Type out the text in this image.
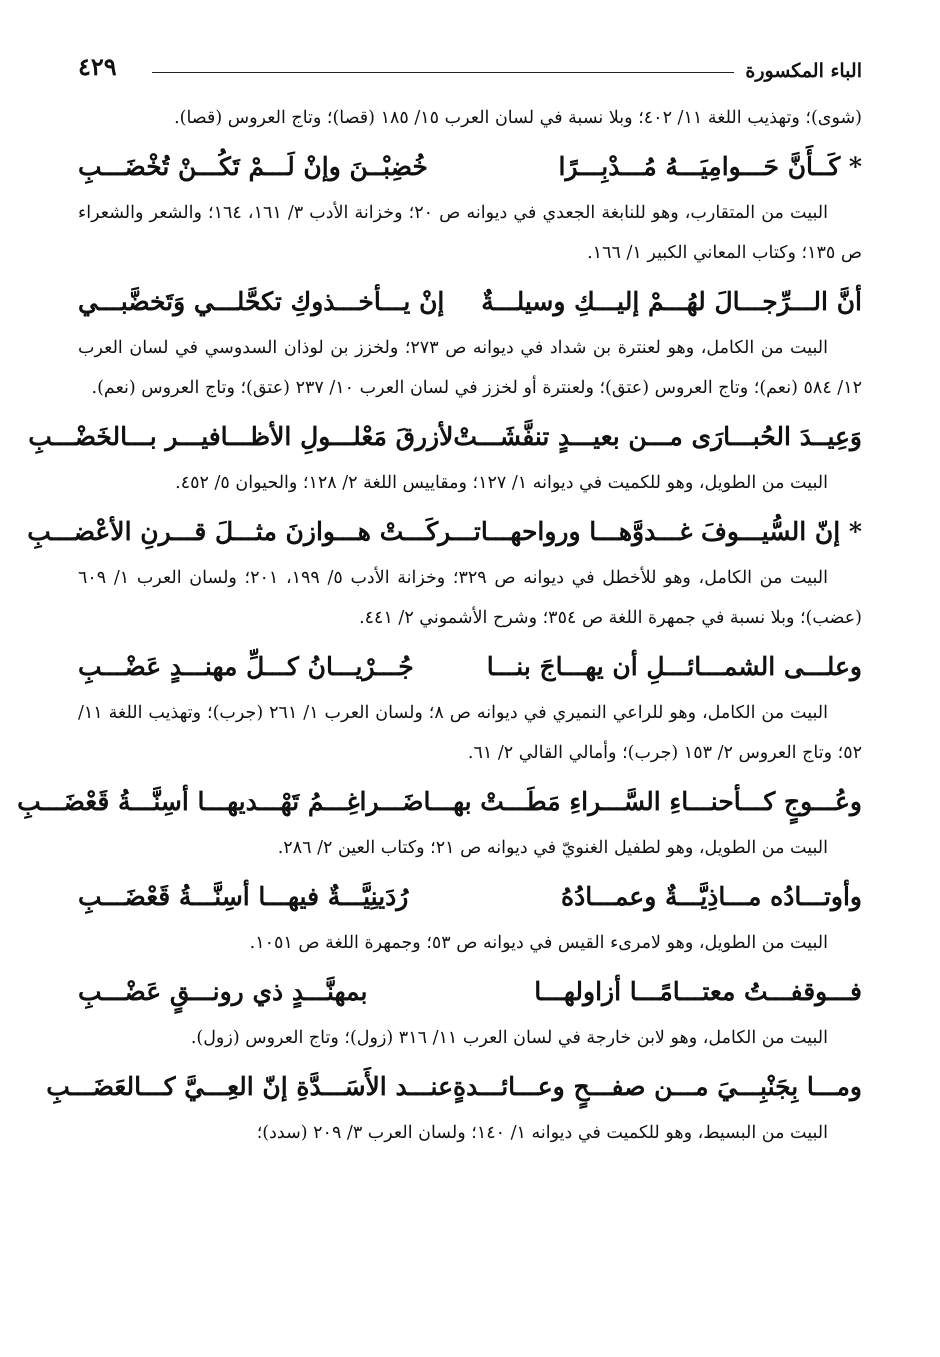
الباء المكسورة
٤٢٩

(شوى)؛ وتهذيب اللغة ١١/ ٤٠٢؛ وبلا نسبة في لسان العرب ١٥/ ١٨٥ (قصا)؛ وتاج العروس (قصا).

* كَــأَنَّ حَـــوامِيَـــهُ مُـــدْبِـــرًا
خُضِبْــنَ وإنْ لَـــمْ تَكُـــنْ تُخْضَـــبِ

البيت من المتقارب، وهو للنابغة الجعدي في ديوانه ص ٢٠؛ وخزانة الأدب ٣/ ١٦١، ١٦٤؛ والشعر والشعراء ص ١٣٥؛ وكتاب المعاني الكبير ١/ ١٦٦.

أنَّ الـــرِّجـــالَ لهُـــمْ إليـــكِ وسيلـــةٌ
إنْ يـــأخـــذوكِ تكحَّلـــي وَتَخضَّبـــي

البيت من الكامل، وهو لعنترة بن شداد في ديوانه ص ٢٧٣؛ ولخزز بن لوذان السدوسي في لسان العرب ١٢/ ٥٨٤ (نعم)؛ وتاج العروس (عتق)؛ ولعنترة أو لخزز في لسان العرب ١٠/ ٢٣٧ (عتق)؛ وتاج العروس (نعم).

وَعِيــدَ الحُبـــارَى مـــن بعيـــدٍ تنفَّشَـــتْ
لأزرقَ مَعْلـــولِ الأظـــافيـــر بـــالخَضْـــبِ

البيت من الطويل، وهو للكميت في ديوانه ١/ ١٢٧؛ ومقاييس اللغة ٢/ ١٢٨؛ والحيوان ٥/ ٤٥٢.

* إنّ السُّيـــوفَ غـــدوَّهـــا ورواحهـــا
تـــركَـــتْ هـــوازنَ مثـــلَ قـــرنِ الأعْضـــبِ

البيت من الكامل، وهو للأخطل في ديوانه ص ٣٢٩؛ وخزانة الأدب ٥/ ١٩٩، ٢٠١؛ ولسان العرب ١/ ٦٠٩ (عضب)؛ وبلا نسبة في جمهرة اللغة ص ٣٥٤؛ وشرح الأشموني ٢/ ٤٤١.

وعلـــى الشمـــائـــلِ أن يهـــاجَ بنـــا
جُـــرْيـــانُ كـــلِّ مهنـــدٍ عَضْـــبِ

البيت من الكامل، وهو للراعي النميري في ديوانه ص ٨؛ ولسان العرب ١/ ٢٦١ (جرب)؛ وتهذيب اللغة ١١/ ٥٢؛ وتاج العروس ٢/ ١٥٣ (جرب)؛ وأمالي القالي ٢/ ٦١.

وعُـــوجٍ كـــأحنـــاءِ السَّـــراءِ مَطَـــتْ بهـــا
ضَـــراغِـــمُ تَهْـــديهـــا أسِنَّـــةُ قَعْضَـــبِ

البيت من الطويل، وهو لطفيل الغنويّ في ديوانه ص ٢١؛ وكتاب العين ٢/ ٢٨٦.

وأوتـــادُه مـــاذِيَّـــةٌ وعمـــادُهُ
رُدَينِيَّـــةٌ فيهـــا أسِنَّـــةُ قَعْضَـــبِ

البيت من الطويل، وهو لامرىء القيس في ديوانه ص ٥٣؛ وجمهرة اللغة ص ١٠٥١.

فـــوقفـــتُ معتـــامًـــا أزاولهـــا
بمهنَّـــدٍ ذي رونـــقٍ عَضْـــبِ

البيت من الكامل، وهو لابن خارجة في لسان العرب ١١/ ٣١٦ (زول)؛ وتاج العروس (زول).

ومـــا بِجَنْبِـــيَ مـــن صفـــحٍ وعـــائـــدةٍ
عنـــد الأَسَـــدَّةِ إنّ العِـــيَّ كـــالعَضَـــبِ

البيت من البسيط، وهو للكميت في ديوانه ١/ ١٤٠؛ ولسان العرب ٣/ ٢٠٩ (سدد)؛
